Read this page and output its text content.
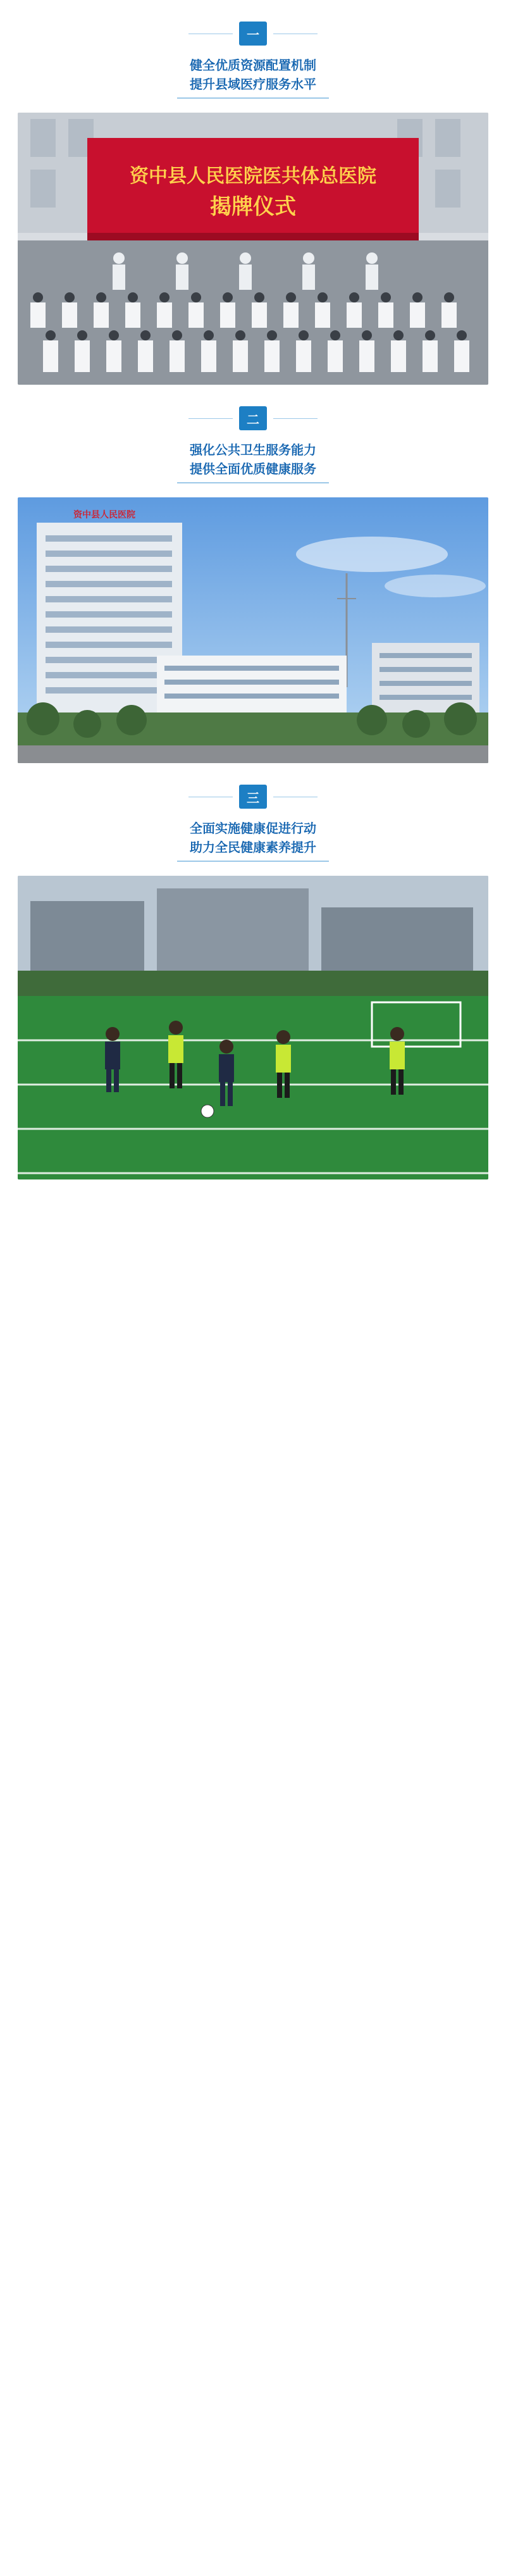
一
健全优质资源配置机制
提升县域医疗服务水平

资中县人民医院医共体总医院
揭牌仪式

二
强化公共卫生服务能力
提供全面优质健康服务

资中县人民医院
三
全面实施健康促进行动
助力全民健康素养提升
